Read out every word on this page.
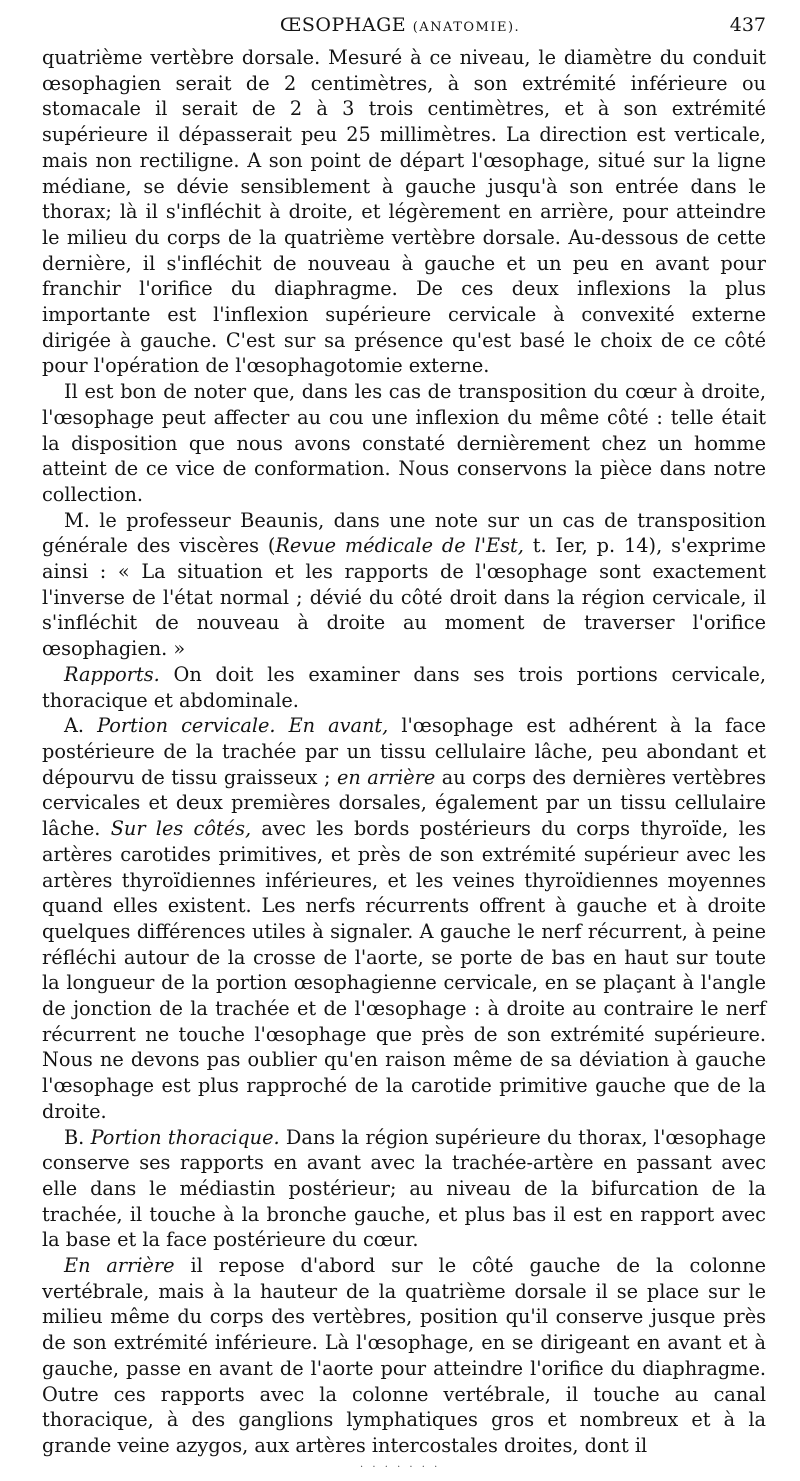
ŒSOPHAGE (ANATOMIE).	437

quatrième vertèbre dorsale. Mesuré à ce niveau, le diamètre du conduit œsophagien serait de 2 centimètres, à son extrémité inférieure ou stomacale il serait de 2 à 3 trois centimètres, et à son extrémité supérieure il dépasserait peu 25 millimètres. La direction est verticale, mais non rectiligne. A son point de départ l'œsophage, situé sur la ligne médiane, se dévie sensiblement à gauche jusqu'à son entrée dans le thorax; là il s'infléchit à droite, et légèrement en arrière, pour atteindre le milieu du corps de la quatrième vertèbre dorsale. Au-dessous de cette dernière, il s'infléchit de nouveau à gauche et un peu en avant pour franchir l'orifice du diaphragme. De ces deux inflexions la plus importante est l'inflexion supérieure cervicale à convexité externe dirigée à gauche. C'est sur sa présence qu'est basé le choix de ce côté pour l'opération de l'œsophagotomie externe.

Il est bon de noter que, dans les cas de transposition du cœur à droite, l'œsophage peut affecter au cou une inflexion du même côté : telle était la disposition que nous avons constaté dernièrement chez un homme atteint de ce vice de conformation. Nous conservons la pièce dans notre collection.

M. le professeur Beaunis, dans une note sur un cas de transposition générale des viscères (Revue médicale de l'Est, t. Ier, p. 14), s'exprime ainsi : « La situation et les rapports de l'œsophage sont exactement l'inverse de l'état normal ; dévié du côté droit dans la région cervicale, il s'infléchit de nouveau à droite au moment de traverser l'orifice œsophagien. »

Rapports. On doit les examiner dans ses trois portions cervicale, thoracique et abdominale.

A. Portion cervicale. En avant, l'œsophage est adhérent à la face postérieure de la trachée par un tissu cellulaire lâche, peu abondant et dépourvu de tissu graisseux ; en arrière au corps des dernières vertèbres cervicales et deux premières dorsales, également par un tissu cellulaire lâche. Sur les côtés, avec les bords postérieurs du corps thyroïde, les artères carotides primitives, et près de son extrémité supérieur avec les artères thyroïdiennes inférieures, et les veines thyroïdiennes moyennes quand elles existent. Les nerfs récurrents offrent à gauche et à droite quelques différences utiles à signaler. A gauche le nerf récurrent, à peine réfléchi autour de la crosse de l'aorte, se porte de bas en haut sur toute la longueur de la portion œsophagienne cervicale, en se plaçant à l'angle de jonction de la trachée et de l'œsophage : à droite au contraire le nerf récurrent ne touche l'œsophage que près de son extrémité supérieure. Nous ne devons pas oublier qu'en raison même de sa déviation à gauche l'œsophage est plus rapproché de la carotide primitive gauche que de la droite.

B. Portion thoracique. Dans la région supérieure du thorax, l'œsophage conserve ses rapports en avant avec la trachée-artère en passant avec elle dans le médiastin postérieur; au niveau de la bifurcation de la trachée, il touche à la bronche gauche, et plus bas il est en rapport avec la base et la face postérieure du cœur.

En arrière il repose d'abord sur le côté gauche de la colonne vertébrale, mais à la hauteur de la quatrième dorsale il se place sur le milieu même du corps des vertèbres, position qu'il conserve jusque près de son extrémité inférieure. Là l'œsophage, en se dirigeant en avant et à gauche, passe en avant de l'aorte pour atteindre l'orifice du diaphragme. Outre ces rapports avec la colonne vertébrale, il touche au canal thoracique, à des ganglions lymphatiques gros et nombreux et à la grande veine azygos, aux artères intercostales droites, dont il

· · · · · · ·
